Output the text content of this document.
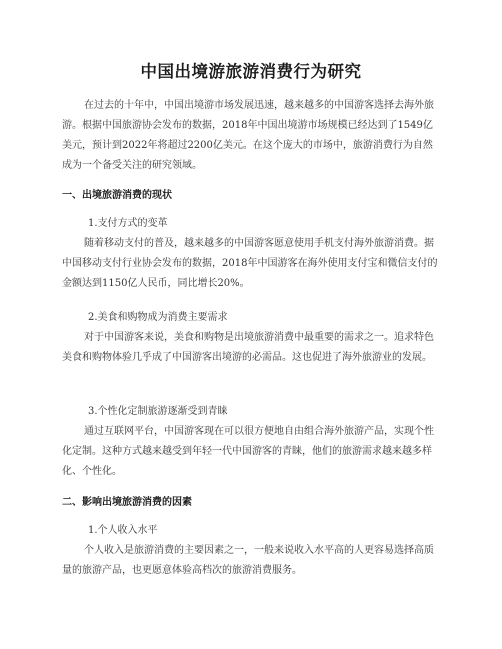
中国出境游旅游消费行为研究

在过去的十年中，中国出境游市场发展迅速，越来越多的中国游客选择去海外旅游。根据中国旅游协会发布的数据，2018年中国出境游市场规模已经达到了1549亿美元，预计到2022年将超过2200亿美元。在这个庞大的市场中，旅游消费行为自然成为一个备受关注的研究领域。

一、出境旅游消费的现状

1.支付方式的变革

随着移动支付的普及，越来越多的中国游客愿意使用手机支付海外旅游消费。据中国移动支付行业协会发布的数据，2018年中国游客在海外使用支付宝和微信支付的金额达到1150亿人民币，同比增长20%。

2.美食和购物成为消费主要需求

对于中国游客来说，美食和购物是出境旅游消费中最重要的需求之一。追求特色美食和购物体验几乎成了中国游客出境游的必需品。这也促进了海外旅游业的发展。

3.个性化定制旅游逐渐受到青睐

通过互联网平台，中国游客现在可以很方便地自由组合海外旅游产品，实现个性化定制。这种方式越来越受到年轻一代中国游客的青睐，他们的旅游需求越来越多样化、个性化。

二、影响出境旅游消费的因素

1.个人收入水平

个人收入是旅游消费的主要因素之一，一般来说收入水平高的人更容易选择高质量的旅游产品，也更愿意体验高档次的旅游消费服务。
